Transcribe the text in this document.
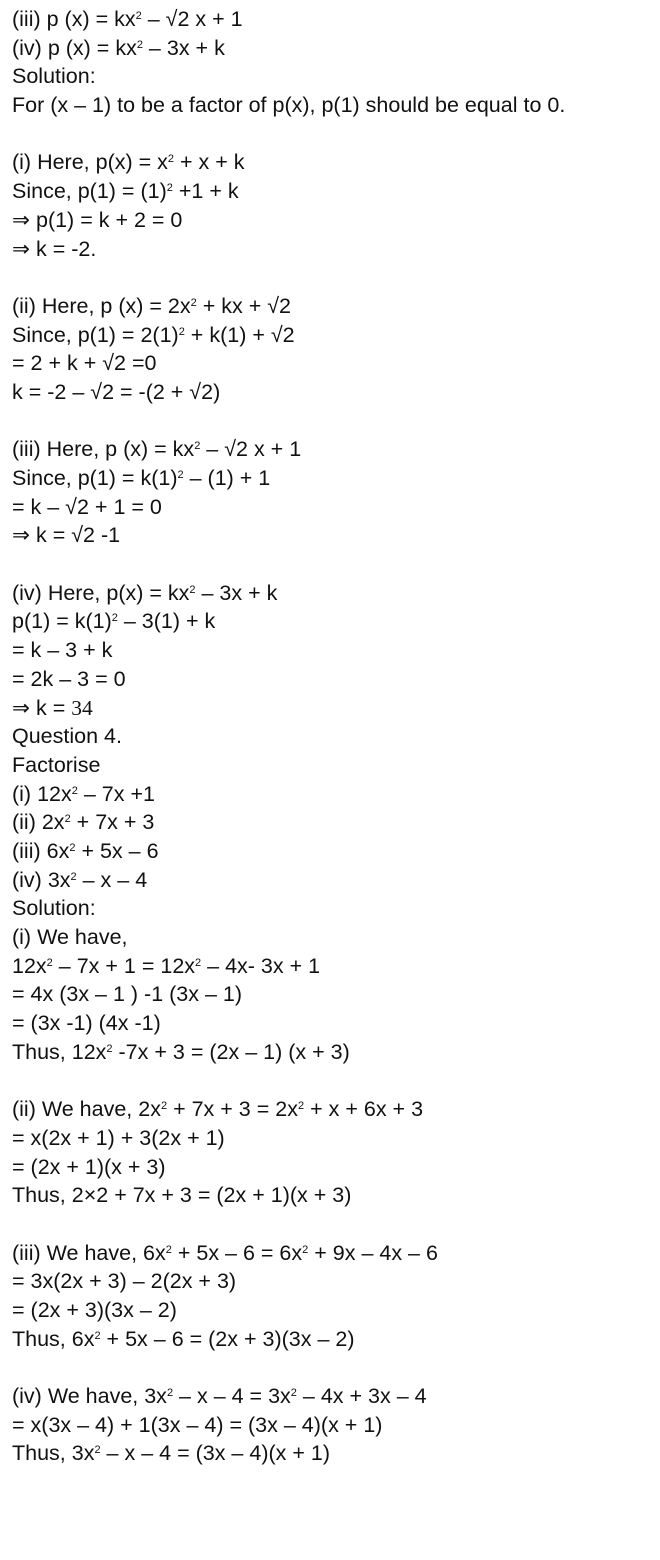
(iii) p $(x) = kx^2 - √2$ x + 1
(iv) p $(x) = kx^2 - 3x + k$
Solution:
For (x – 1) to be a factor of p(x), p(1) should be equal to 0.
(i) Here, $p(x) = x^2 + x + k$
Since, $p(1) = (1)^2 +1 + k$
⇒ p(1) = k + 2 = 0
⇒ k = -2.
(ii) Here, p $(x) = 2x^2$ + kx + √2
Since, $p(1) = 2(1)^2 + k(1) + √2$
= 2 + k + √2 =0
k = -2 – √2 = -(2 + √2)
(iii) Here, p $(x) = kx^2 - √2$ x + 1
Since, $p(1) = k(1)^2 - (1) + 1$
= k – √2 + 1 = 0
⇒ k = √2 -1
(iv) Here, $p(x) = kx^2 - 3x + k$
$p(1) = k(1)^2 - 3(1) + k$
= k – 3 + k
= 2k – 3 = 0
⇒ k = 34
Question 4.
Factorise
(i) $12x^2 - 7x +1$
(ii) $2x^2 + 7x + 3$
(iii) $6x^2 + 5x - 6$
(iv) $3x^2$ – x – 4
Solution:
(i) We have,
$12x^2 - 7x + 1 = 12x^2 - 4x-$ 3x + 1
= 4x (3x – 1 ) -1 (3x – 1)
= (3x -1) (4x -1)
Thus, $12x^2$ -7x + 3 = (2x – 1) (x + 3)
(ii) We have, $2x^2 + 7x + 3 = 2x^2 + x + 6x + 3$
= x(2x + 1) + 3(2x + 1)
= (2x + 1)(x + 3)
Thus, 2×2 + 7x + 3 = (2x + 1)(x + 3)
(iii) We have, $6x^2 + 5x - 6 = 6x^2 + 9x - 4x - 6$
= 3x(2x + 3) – 2(2x + 3)
= (2x + 3)(3x – 2)
Thus, $6x^2 + 5x - 6 = (2x + 3)(3x - 2)$
(iv) We have, $3x^2 - x - 4 = 3x^2 - 4x + 3x - 4$
= x(3x – 4) + 1(3x – 4) = (3x – 4)(x + 1)
Thus, $3x^2 - x - 4 = (3x - 4)(x + 1)$
